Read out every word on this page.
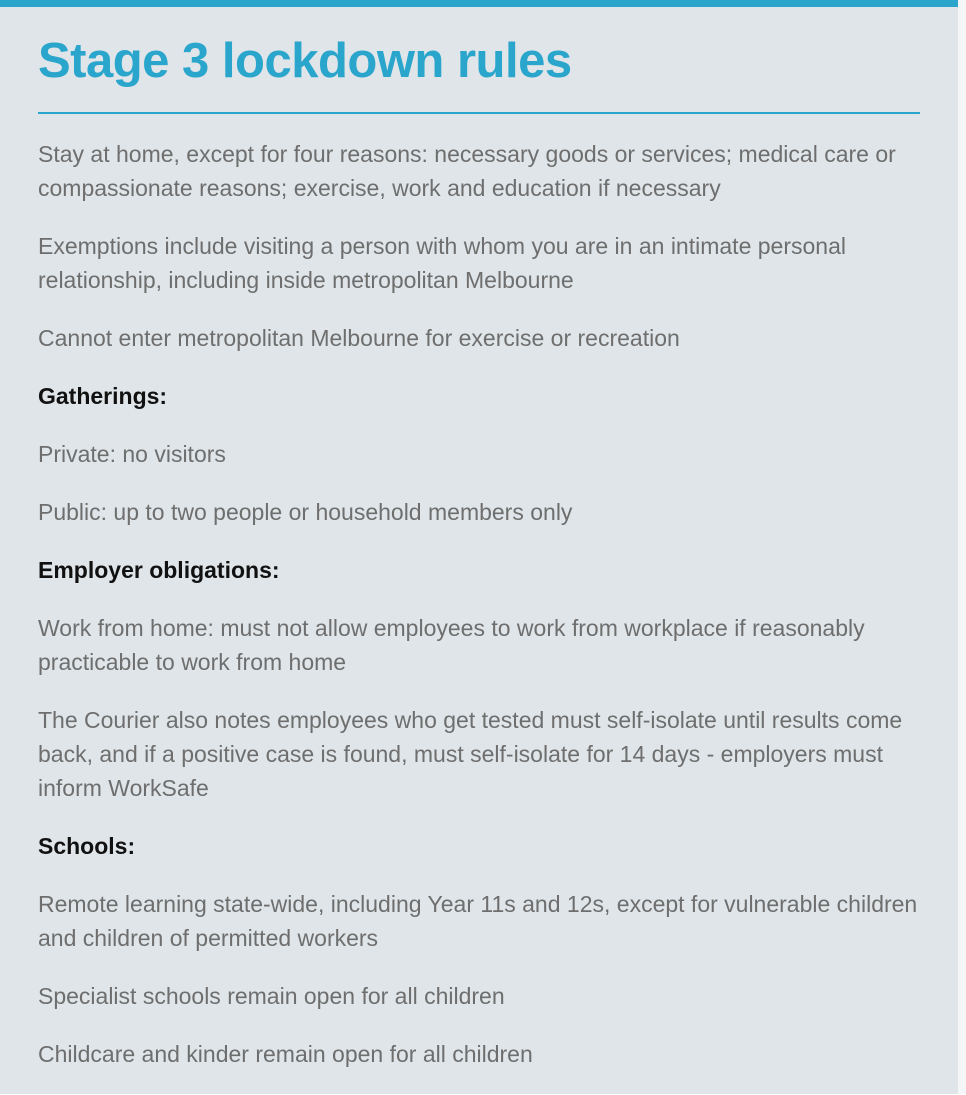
Stage 3 lockdown rules

Stay at home, except for four reasons: necessary goods or services; medical care or compassionate reasons; exercise, work and education if necessary

Exemptions include visiting a person with whom you are in an intimate personal relationship, including inside metropolitan Melbourne

Cannot enter metropolitan Melbourne for exercise or recreation

Gatherings:

Private: no visitors

Public: up to two people or household members only

Employer obligations:

Work from home: must not allow employees to work from workplace if reasonably practicable to work from home

The Courier also notes employees who get tested must self-isolate until results come back, and if a positive case is found, must self-isolate for 14 days - employers must inform WorkSafe

Schools:

Remote learning state-wide, including Year 11s and 12s, except for vulnerable children and children of permitted workers

Specialist schools remain open for all children

Childcare and kinder remain open for all children
